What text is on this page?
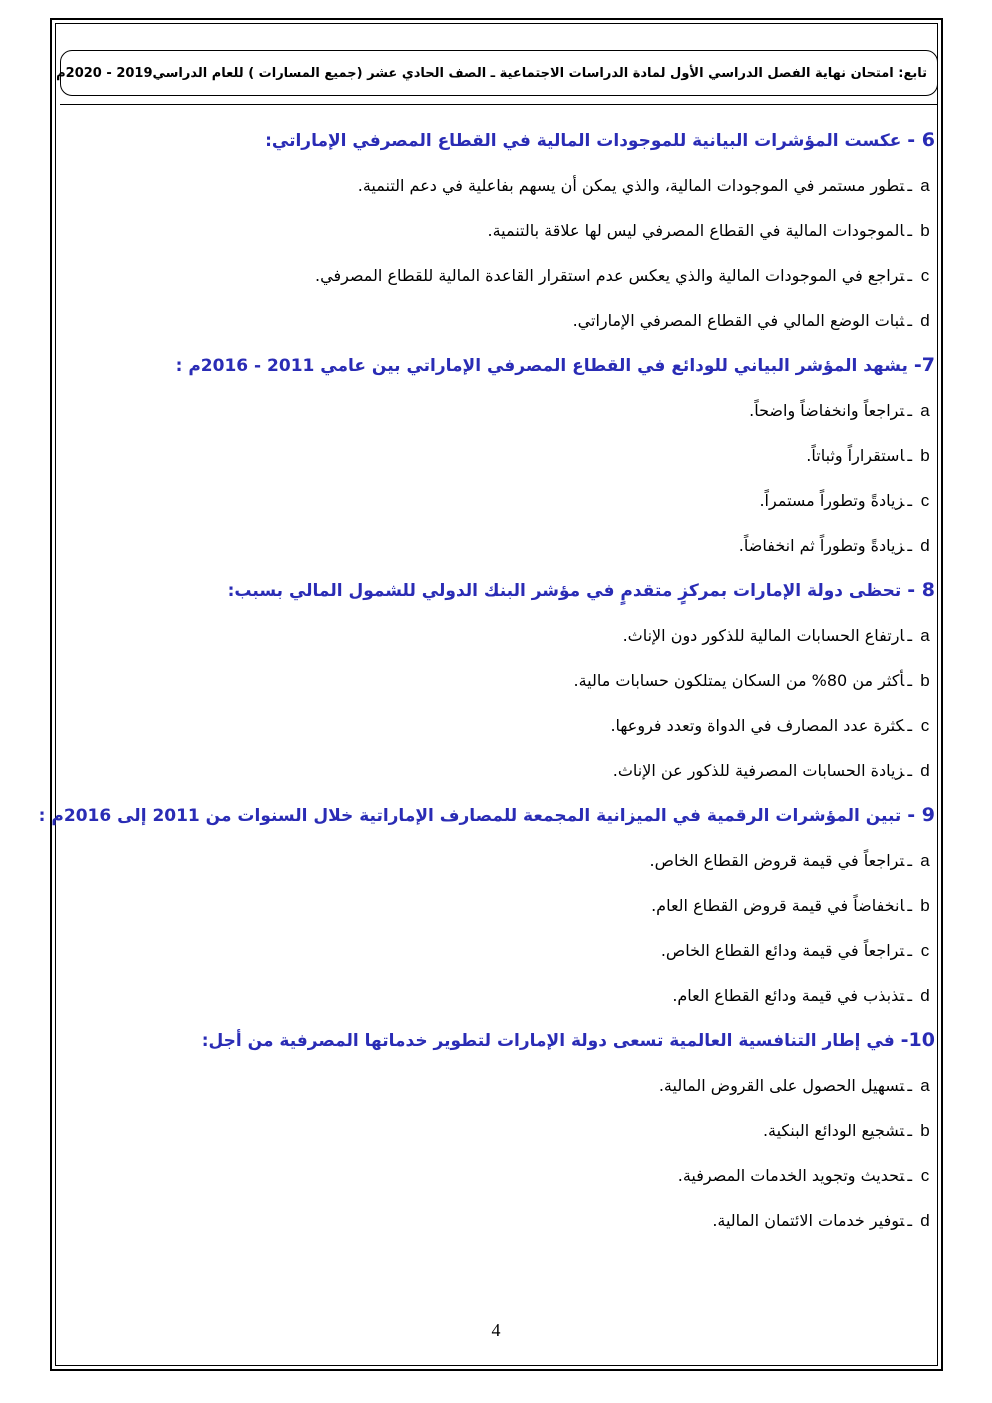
تابع: امتحان نهاية الفصل الدراسي الأول لمادة الدراسات الاجتماعية ـ الصف الحادي عشر (جميع المسارات ) للعام الدراسي2019 - 2020م
6 - عكست المؤشرات البيانية للموجودات المالية في القطاع المصرفي الإماراتي:
aـتطور مستمر في الموجودات المالية، والذي يمكن أن يسهم بفاعلية في دعم التنمية.
bـالموجودات المالية في القطاع المصرفي ليس لها علاقة بالتنمية.
cـتراجع في الموجودات المالية والذي يعكس عدم استقرار القاعدة المالية للقطاع المصرفي.
dـثبات الوضع المالي في القطاع المصرفي الإماراتي.
7- يشهد المؤشر البياني للودائع في القطاع المصرفي الإماراتي بين عامي 2011 - 2016م :
aـتراجعاً وانخفاضاً واضحاً.
bـاستقراراً وثباتاً.
cـزيادةً وتطوراً مستمراً.
dـزيادةً وتطوراً ثم انخفاضاً.
8 - تحظى دولة الإمارات بمركزٍ متقدمٍ في مؤشر البنك الدولي للشمول المالي بسبب:
aـارتفاع الحسابات المالية للذكور دون الإناث.
bـأكثر من 80% من السكان يمتلكون حسابات مالية.
cـكثرة عدد المصارف في الدواة وتعدد فروعها.
dـزيادة الحسابات المصرفية للذكور عن الإناث.
9 - تبين المؤشرات الرقمية في الميزانية المجمعة للمصارف الإماراتية خلال السنوات من 2011 إلى 2016م :
aـتراجعاً في قيمة قروض القطاع الخاص.
bـانخفاضاً في قيمة قروض القطاع العام.
cـتراجعاً في قيمة ودائع القطاع الخاص.
dـتذبذب في قيمة ودائع القطاع العام.
10- في إطار التنافسية العالمية تسعى دولة الإمارات لتطوير خدماتها المصرفية من أجل:
aـتسهيل الحصول على القروض المالية.
bـتشجيع الودائع البنكية.
cـتحديث وتجويد الخدمات المصرفية.
dـتوفير خدمات الائتمان المالية.
4
